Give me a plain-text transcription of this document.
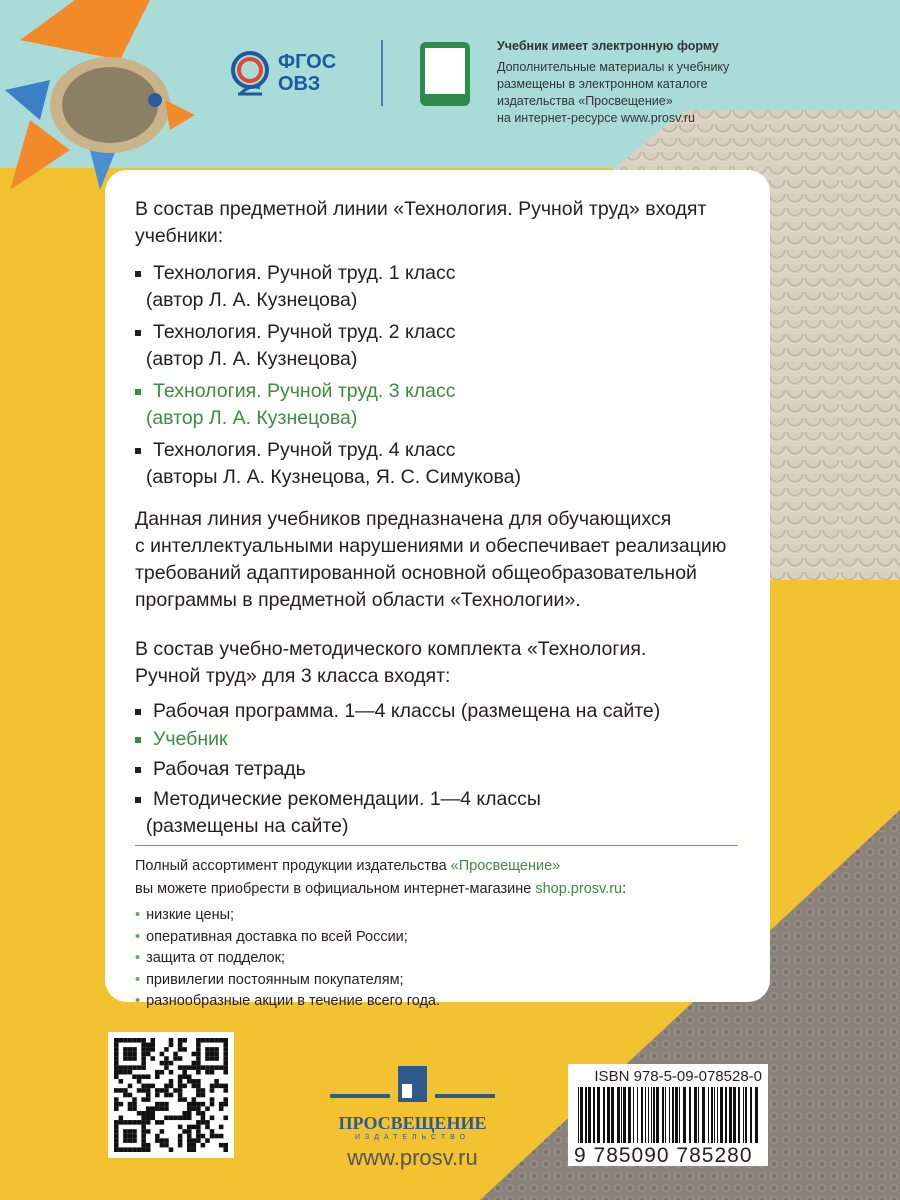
ФГОС
ОВЗ
Учебник имеет электронную форму
Дополнительные материалы к учебнику
размещены в электронном каталоге
издательства «Просвещение»
на интернет-ресурсе www.prosv.ru
В состав предметной линии «Технология. Ручной труд» входят
учебники:
Технология. Ручной труд. 1 класс
(автор Л. А. Кузнецова)
Технология. Ручной труд. 2 класс
(автор Л. А. Кузнецова)
Технология. Ручной труд. 3 класс
(автор Л. А. Кузнецова)
Технология. Ручной труд. 4 класс
(авторы Л. А. Кузнецова, Я. С. Симукова)
Данная линия учебников предназначена для обучающихся
с интеллектуальными нарушениями и обеспечивает реализацию
требований адаптированной основной общеобразовательной
программы в предметной области «Технологии».
В состав учебно-методического комплекта «Технология.
Ручной труд» для 3 класса входят:
Рабочая программа. 1—4 классы (размещена на сайте)
Учебник
Рабочая тетрадь
Методические рекомендации. 1—4 классы
(размещены на сайте)
Полный ассортимент продукции издательства «Просвещение»
вы можете приобрести в официальном интернет-магазине shop.prosv.ru:
• низкие цены;
• оперативная доставка по всей России;
• защита от подделок;
• привилегии постоянным покупателям;
• разнообразные акции в течение всего года.
ПРОСВЕЩЕНИЕ
ИЗДАТЕЛЬСТВО
www.prosv.ru
ISBN 978-5-09-078528-0
9 785090 785280
